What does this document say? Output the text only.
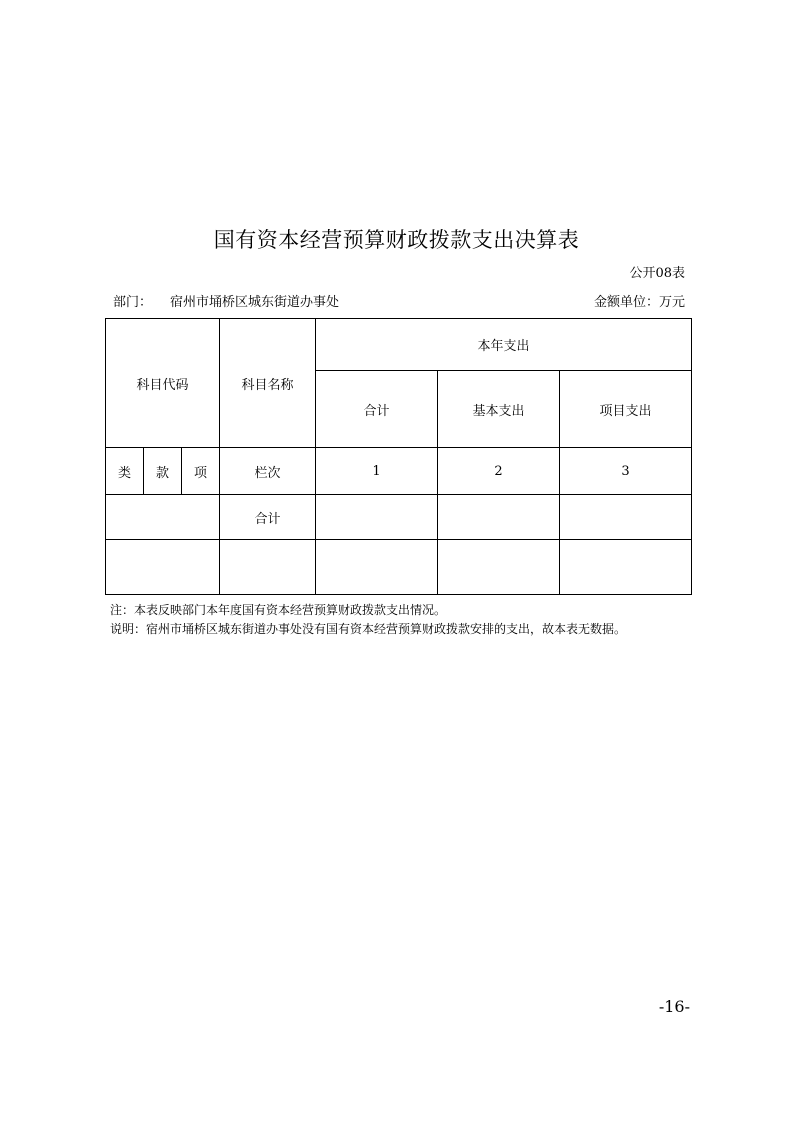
国有资本经营预算财政拨款支出决算表
公开08表
部门： 宿州市埇桥区城东街道办事处	金额单位：万元
科目代码			科目名称	本年支出		
				合计	基本支出	项目支出
类	款	项	栏次	1	2	3
			合计			

注：本表反映部门本年度国有资本经营预算财政拨款支出情况。
说明：宿州市埇桥区城东街道办事处没有国有资本经营预算财政拨款安排的支出，故本表无数据。
-16-
